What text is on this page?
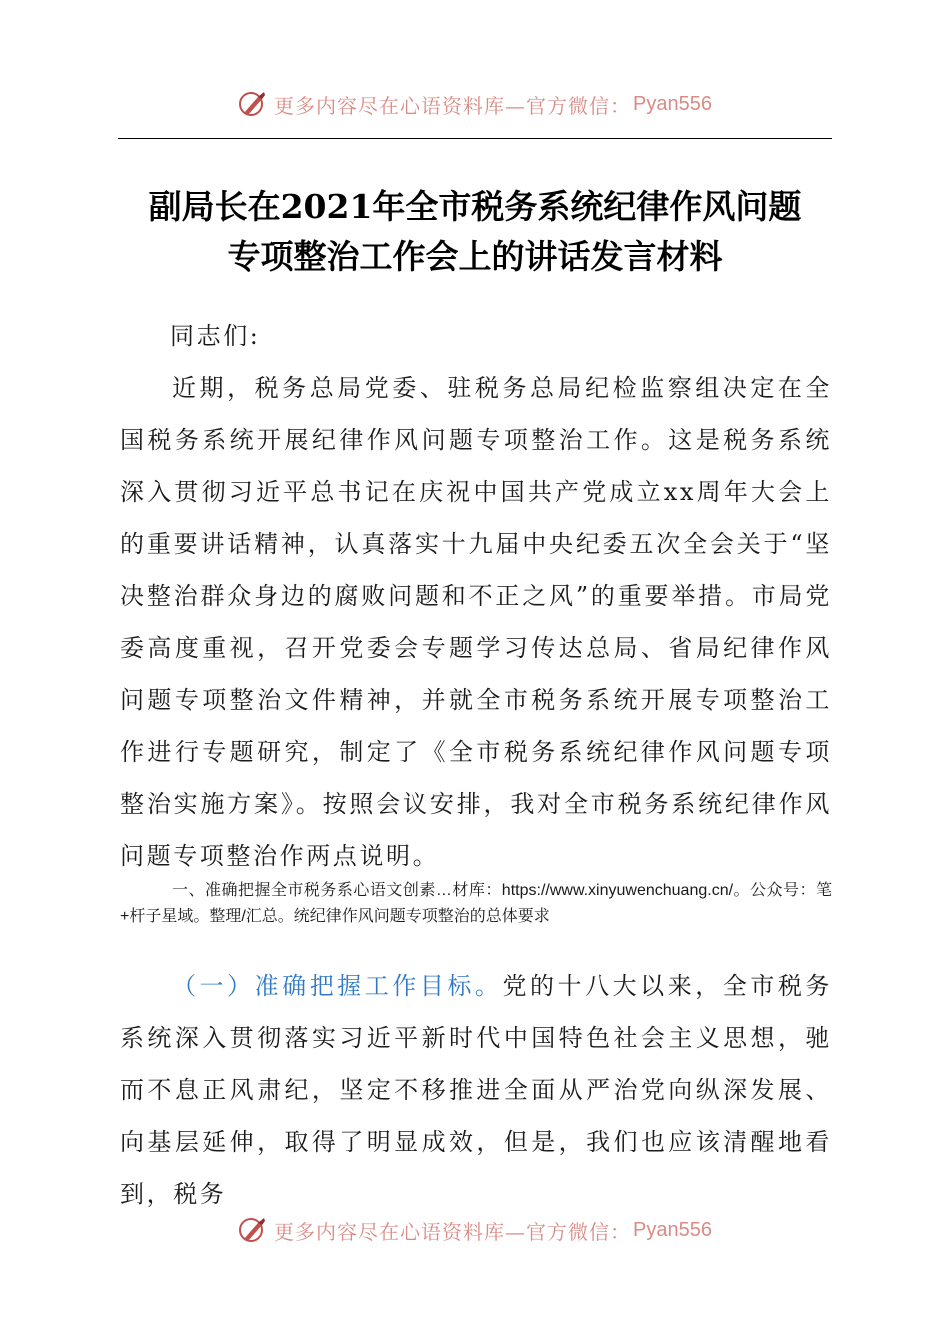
更多内容尽在心语资料库—官方微信： Pyan556
副局长在2021年全市税务系统纪律作风问题
专项整治工作会上的讲话发言材料
同志们:
近期，税务总局党委、驻税务总局纪检监察组决定在全国税务系统开展纪律作风问题专项整治工作。这是税务系统深入贯彻习近平总书记在庆祝中国共产党成立xx周年大会上的重要讲话精神，认真落实十九届中央纪委五次全会关于“坚决整治群众身边的腐败问题和不正之风”的重要举措。市局党委高度重视，召开党委会专题学习传达总局、省局纪律作风问题专项整治文件精神，并就全市税务系统开展专项整治工作进行专题研究，制定了《全市税务系统纪律作风问题专项整治实施方案》。按照会议安排，我对全市税务系统纪律作风问题专项整治作两点说明。
一、准确把握全市税务系心语文创素…材库：https://www.xinyuwenchuang.cn/。公众号：笔+杆子星域。整理/汇总。统纪律作风问题专项整治的总体要求
（一）准确把握工作目标。党的十八大以来，全市税务系统深入贯彻落实习近平新时代中国特色社会主义思想，驰而不息正风肃纪，坚定不移推进全面从严治党向纵深发展、向基层延伸，取得了明显成效，但是，我们也应该清醒地看到，税务
更多内容尽在心语资料库—官方微信： Pyan556
